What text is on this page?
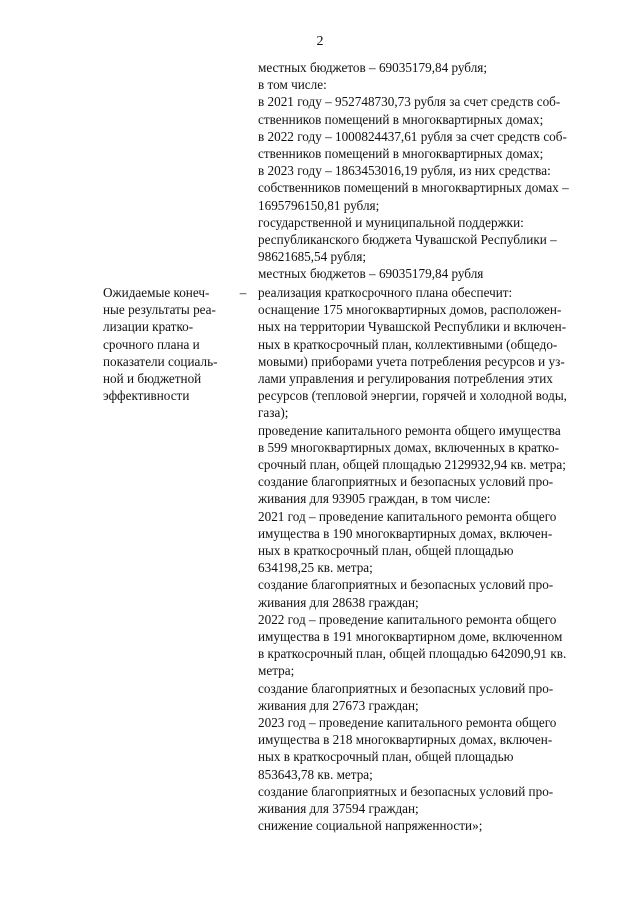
2

местных бюджетов – 69035179,84 рубля;

в том числе:

в 2021 году – 952748730,73 рубля за счет средств соб-
ственников помещений в многоквартирных домах;

в 2022 году – 1000824437,61 рубля за счет средств соб-
ственников помещений в многоквартирных домах;

в 2023 году – 1863453016,19 рубля, из них средства:

собственников помещений в многоквартирных домах –
1695796150,81 рубля;

государственной и муниципальной поддержки:

республиканского бюджета Чувашской Республики –
98621685,54 рубля;

местных бюджетов – 69035179,84 рубля

Ожидаемые конеч-
ные результаты реа-
лизации кратко-
срочного плана и
показатели социаль-
ной и бюджетной
эффективности

– реализация краткосрочного плана обеспечит:

оснащение 175 многоквартирных домов, расположен-
ных на территории Чувашской Республики и включен-
ных в краткосрочный план, коллективными (общедо-
мовыми) приборами учета потребления ресурсов и уз-
лами управления и регулирования потребления этих
ресурсов (тепловой энергии, горячей и холодной воды,
газа);

проведение капитального ремонта общего имущества
в 599 многоквартирных домах, включенных в кратко-
срочный план, общей площадью 2129932,94 кв. метра;

создание благоприятных и безопасных условий про-
живания для 93905 граждан, в том числе:

2021 год – проведение капитального ремонта общего
имущества в 190 многоквартирных домах, включен-
ных в краткосрочный план, общей площадью
634198,25 кв. метра;

создание благоприятных и безопасных условий про-
живания для 28638 граждан;

2022 год – проведение капитального ремонта общего
имущества в 191 многоквартирном доме, включенном
в краткосрочный план, общей площадью 642090,91 кв.
метра;

создание благоприятных и безопасных условий про-
живания для 27673 граждан;

2023 год – проведение капитального ремонта общего
имущества в 218 многоквартирных домах, включен-
ных в краткосрочный план, общей площадью
853643,78 кв. метра;

создание благоприятных и безопасных условий про-
живания для 37594 граждан;

снижение социальной напряженности»;
